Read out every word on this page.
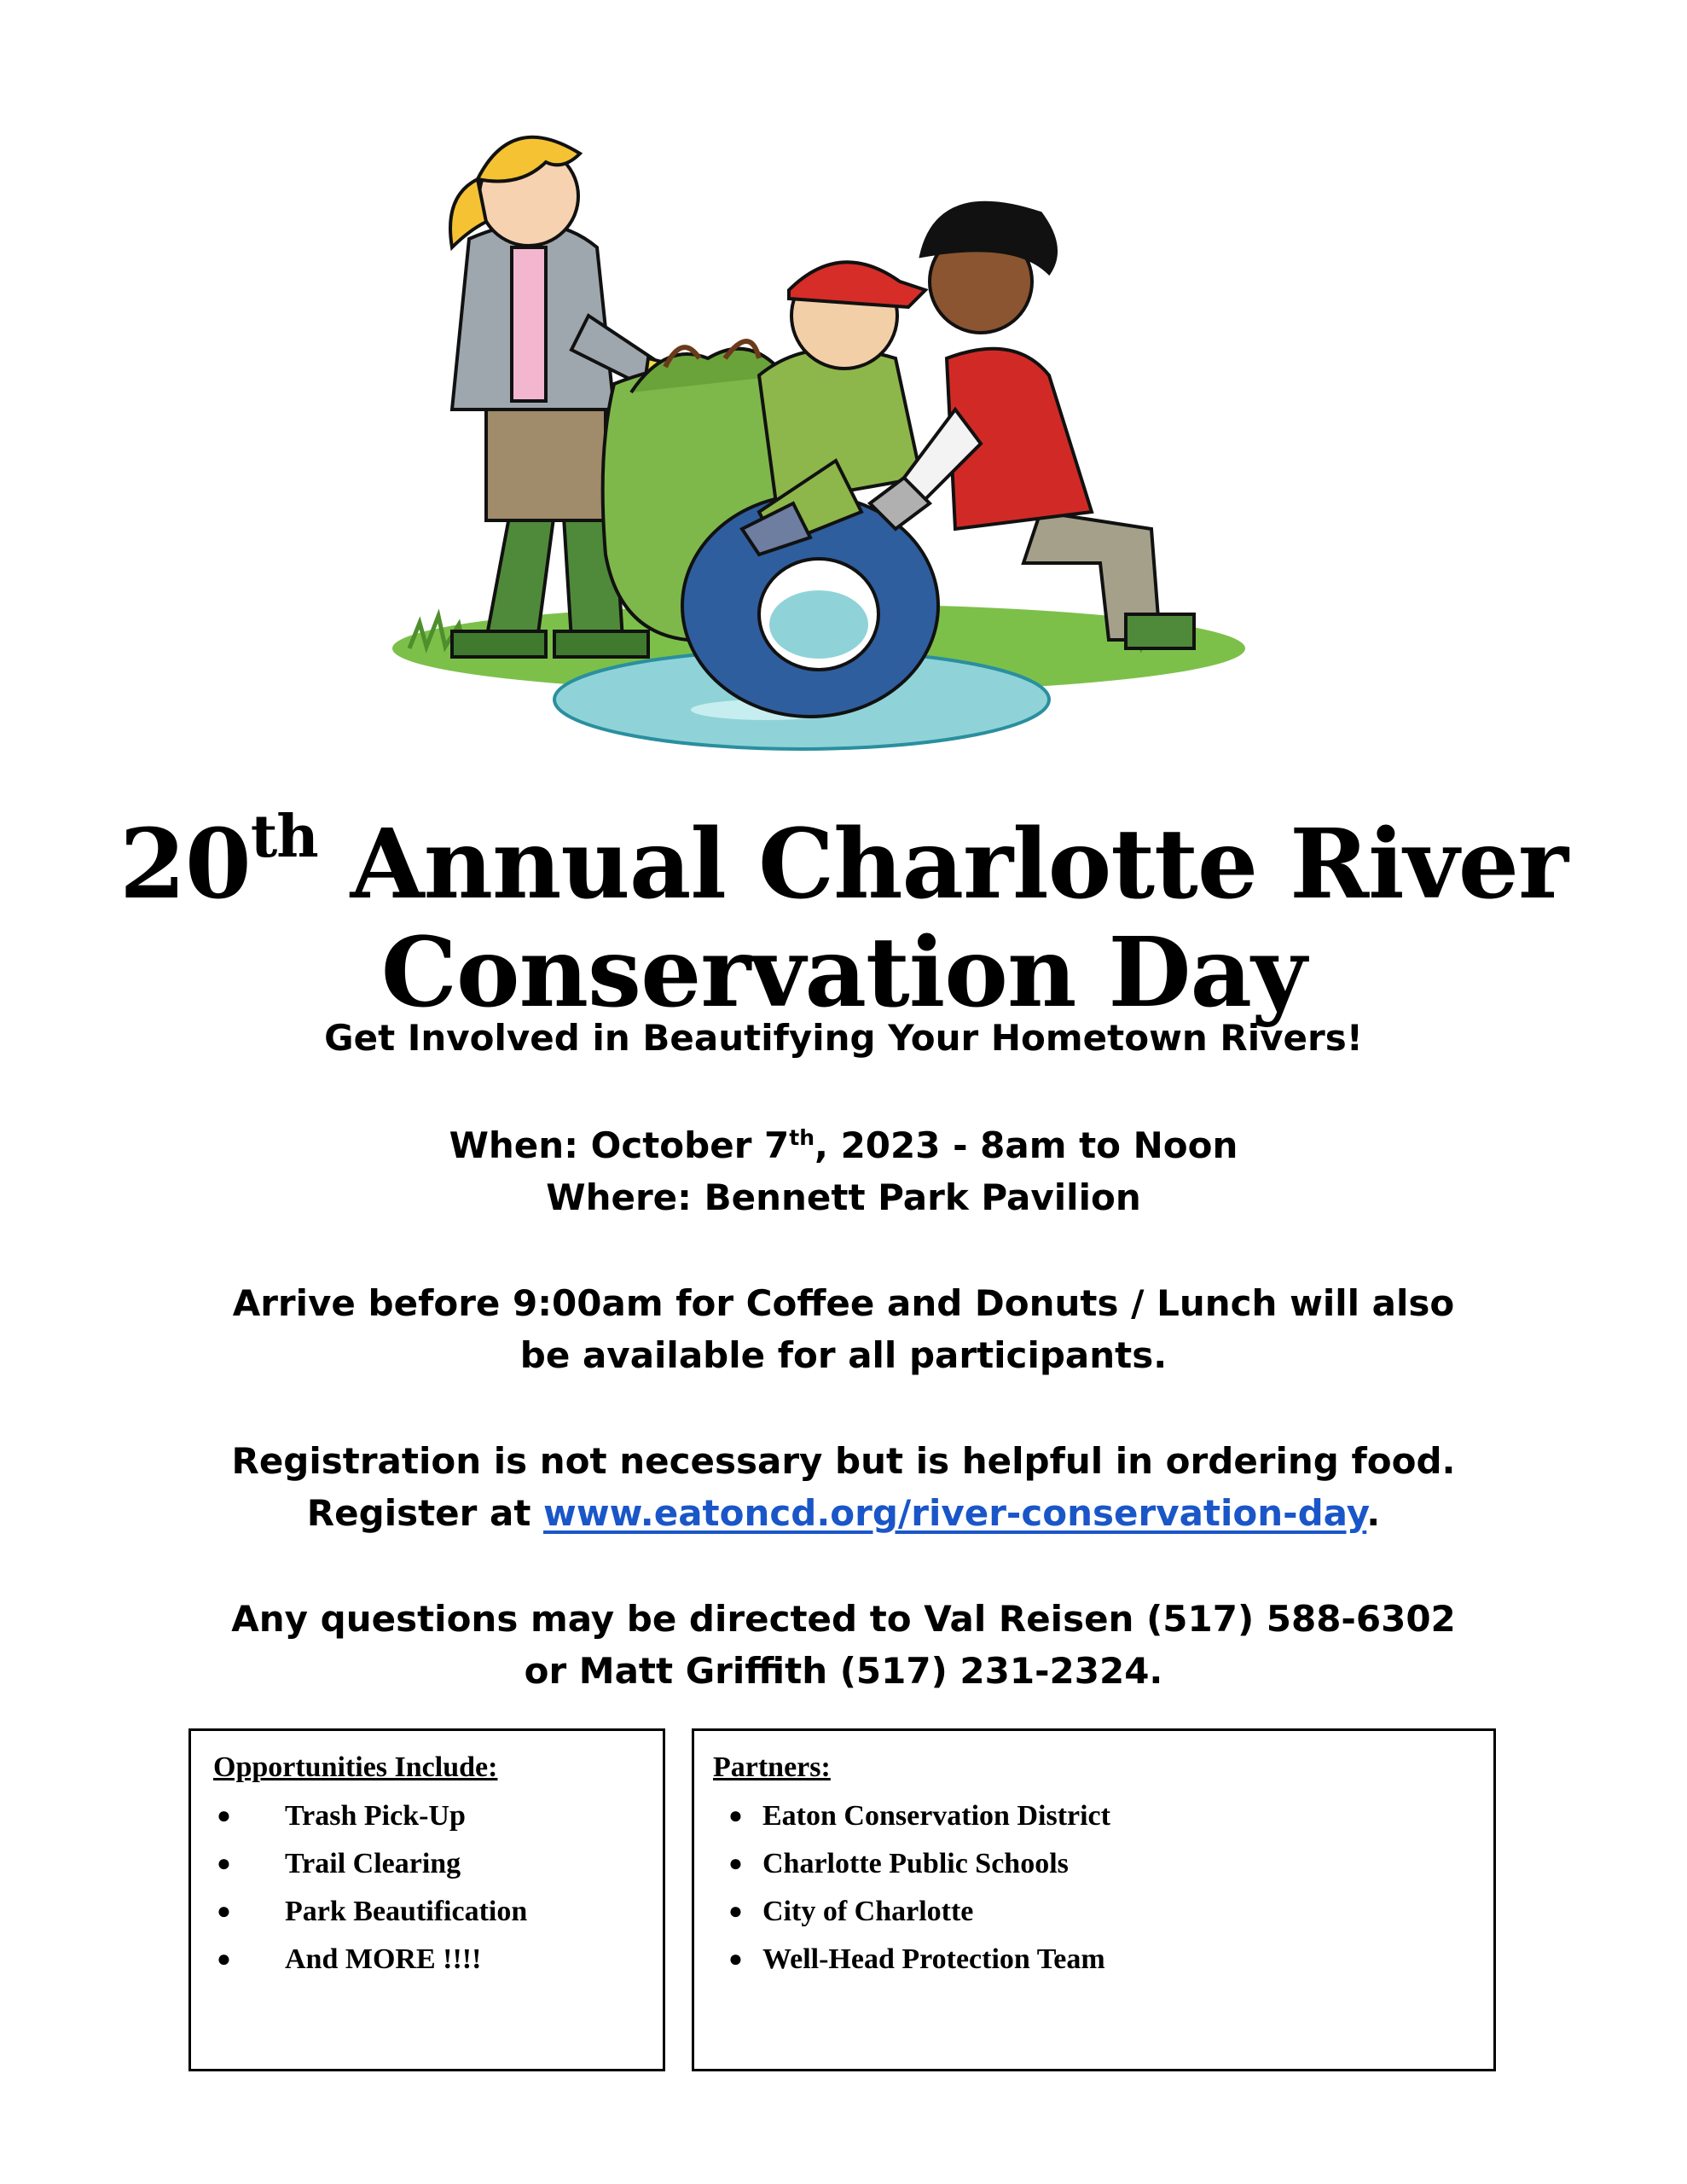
20th Annual Charlotte River
Conservation Day
Get Involved in Beautifying Your Hometown Rivers!
When: October 7th, 2023 - 8am to Noon
Where: Bennett Park Pavilion
Arrive before 9:00am for Coffee and Donuts / Lunch will also
be available for all participants.
Registration is not necessary but is helpful in ordering food.
Register at www.eatoncd.org/river-conservation-day.
Any questions may be directed to Val Reisen (517) 588-6302
or Matt Griffith (517) 231-2324.
Opportunities Include:
● Trash Pick-Up
● Trail Clearing
● Park Beautification
● And MORE !!!!
Partners:
● Eaton Conservation District
● Charlotte Public Schools
● City of Charlotte
● Well-Head Protection Team
